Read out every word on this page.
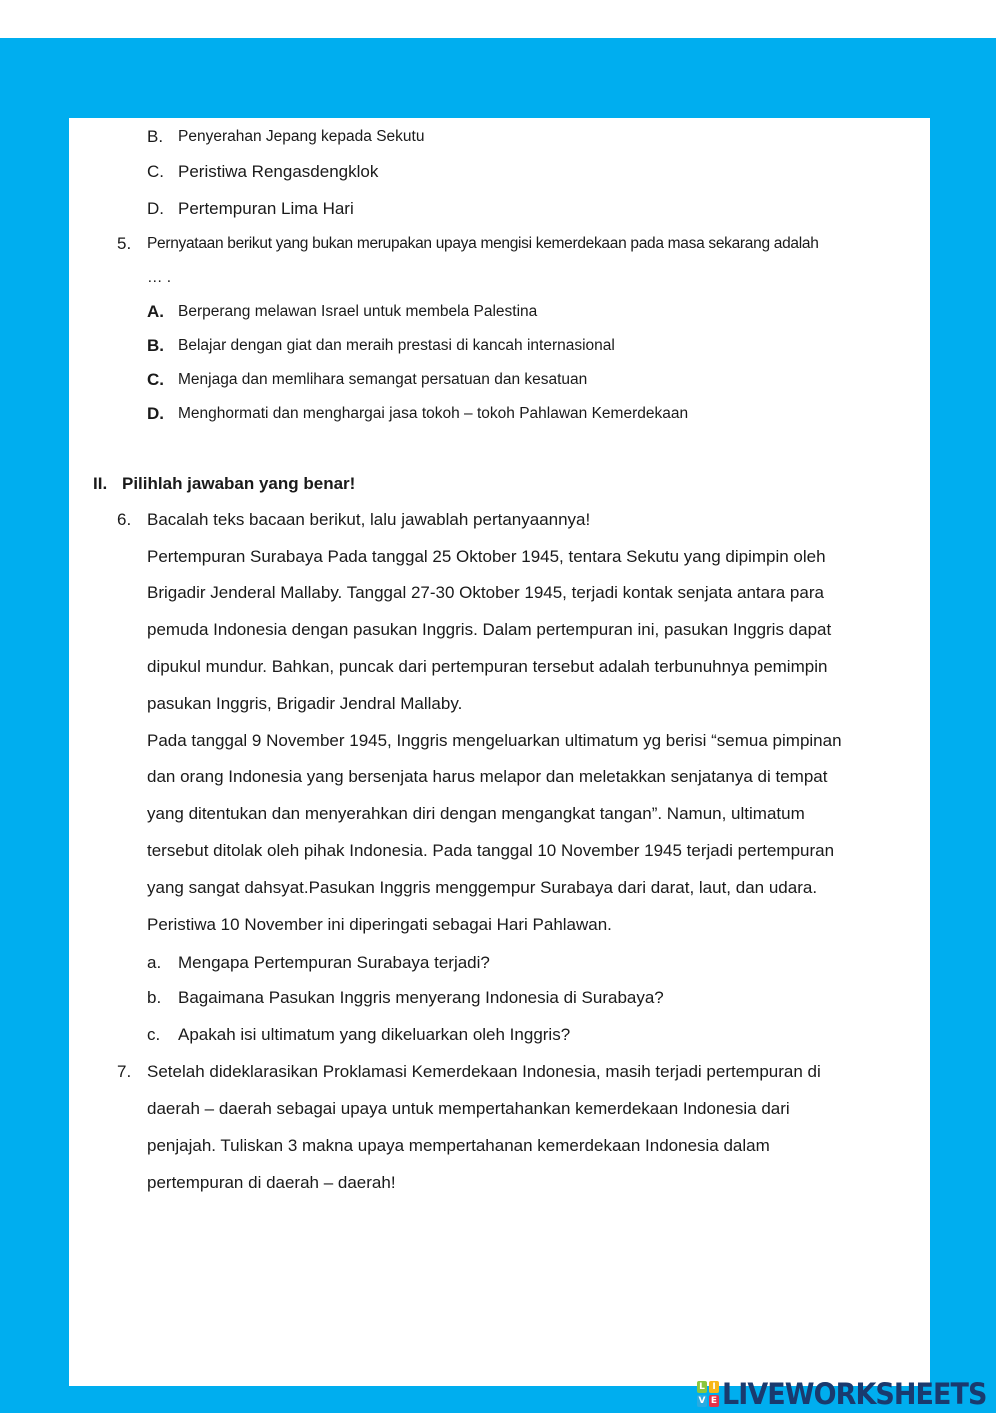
B. Penyerahan Jepang kepada Sekutu
C. Peristiwa Rengasdengklok
D. Pertempuran Lima Hari
5. Pernyataan berikut yang bukan merupakan upaya mengisi kemerdekaan pada masa sekarang adalah
… .
A. Berperang melawan Israel untuk membela Palestina
B. Belajar dengan giat dan meraih prestasi di kancah internasional
C. Menjaga dan memlihara semangat persatuan dan kesatuan
D. Menghormati dan menghargai jasa tokoh – tokoh Pahlawan Kemerdekaan
II. Pilihlah jawaban yang benar!
6. Bacalah teks bacaan berikut, lalu jawablah pertanyaannya!
Pertempuran Surabaya Pada tanggal 25 Oktober 1945, tentara Sekutu yang dipimpin oleh
Brigadir Jenderal Mallaby. Tanggal 27-30 Oktober 1945, terjadi kontak senjata antara para
pemuda Indonesia dengan pasukan Inggris. Dalam pertempuran ini, pasukan Inggris dapat
dipukul mundur. Bahkan, puncak dari pertempuran tersebut adalah terbunuhnya pemimpin
pasukan Inggris, Brigadir Jendral Mallaby.
Pada tanggal 9 November 1945, Inggris mengeluarkan ultimatum yg berisi “semua pimpinan
dan orang Indonesia yang bersenjata harus melapor dan meletakkan senjatanya di tempat
yang ditentukan dan menyerahkan diri dengan mengangkat tangan”. Namun, ultimatum
tersebut ditolak oleh pihak Indonesia. Pada tanggal 10 November 1945 terjadi pertempuran
yang sangat dahsyat.Pasukan Inggris menggempur Surabaya dari darat, laut, dan udara.
Peristiwa 10 November ini diperingati sebagai Hari Pahlawan.
a. Mengapa Pertempuran Surabaya terjadi?
b. Bagaimana Pasukan Inggris menyerang Indonesia di Surabaya?
c. Apakah isi ultimatum yang dikeluarkan oleh Inggris?
7. Setelah dideklarasikan Proklamasi Kemerdekaan Indonesia, masih terjadi pertempuran di
daerah – daerah sebagai upaya untuk mempertahankan kemerdekaan Indonesia dari
penjajah. Tuliskan 3 makna upaya mempertahanan kemerdekaan Indonesia dalam
pertempuran di daerah – daerah!
L I
V E LIVEWORKSHEETS
